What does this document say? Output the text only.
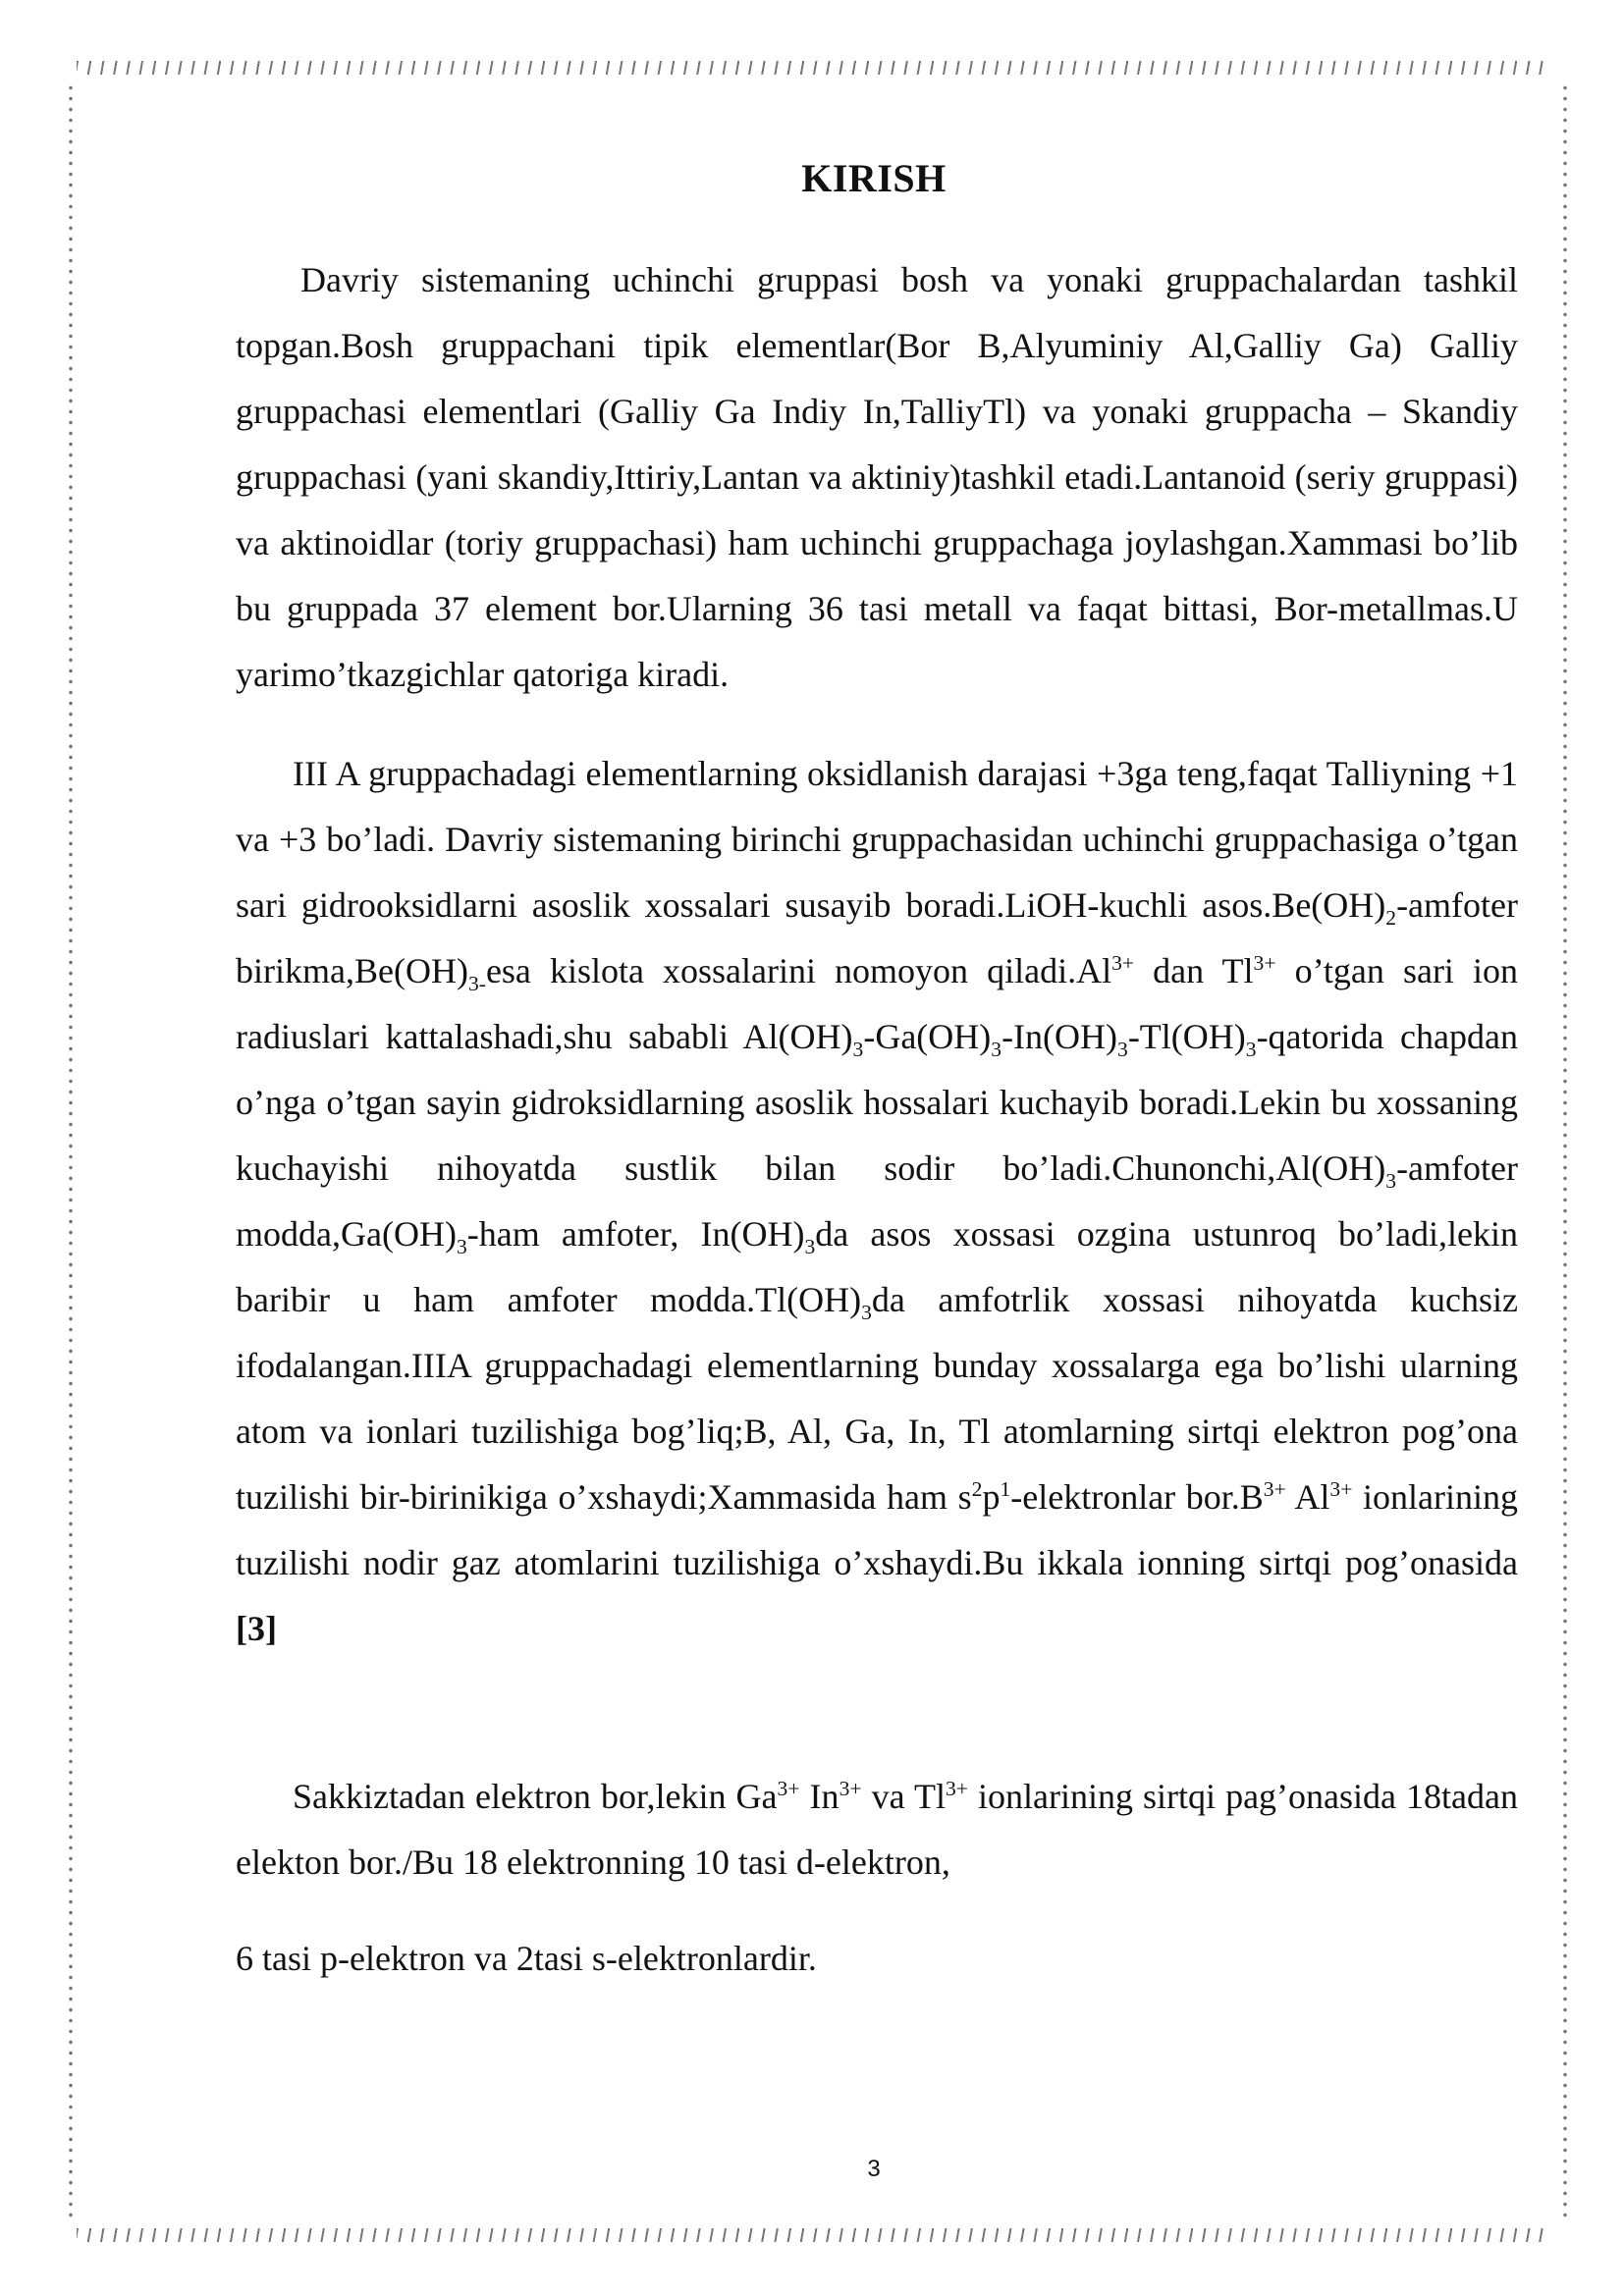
KIRISH

Davriy sistemaning uchinchi gruppasi bosh va yonaki gruppachalardan tashkil topgan.Bosh gruppachani tipik elementlar(Bor B,Alyuminiy Al,Galliy Ga) Galliy gruppachasi elementlari (Galliy Ga Indiy In,TalliyTl) va yonaki gruppacha – Skandiy gruppachasi (yani skandiy,Ittiriy,Lantan va aktiniy)tashkil etadi.Lantanoid (seriy gruppasi) va aktinoidlar (toriy gruppachasi) ham uchinchi gruppachaga joylashgan.Xammasi bo’lib bu gruppada 37 element bor.Ularning 36 tasi metall va faqat bittasi, Bor-metallmas.U yarimo’tkazgichlar qatoriga kiradi.

III A gruppachadagi elementlarning oksidlanish darajasi +3ga teng,faqat Talliyning +1 va +3 bo’ladi. Davriy sistemaning birinchi gruppachasidan uchinchi gruppachasiga o’tgan sari gidrooksidlarni asoslik xossalari susayib boradi.LiOH-kuchli $asos.Be(OH)_2$-amfoter $birikma,Be(OH)_{3-}esa$ kislota xossalarini nomoyon $qiladi.Al^{3+}$ dan $Tl^{3+}$ o’tgan sari ion radiuslari kattalashadi,shu sababli $Al(OH)_3-Ga(OH)_3-In(OH)_3-Tl(OH)_3$-qatorida chapdan o’nga o’tgan sayin gidroksidlarning asoslik hossalari kuchayib boradi.Lekin bu xossaning kuchayishi nihoyatda sustlik bilan sodir $bo’ladi.Chunonchi,Al(OH)_3$-amfoter $modda,Ga(OH)_3$-ham amfoter, $In(OH)_3da$ asos xossasi ozgina ustunroq bo’ladi,lekin baribir u ham amfoter $modda.Tl(OH)_3da$ amfotrlik xossasi nihoyatda kuchsiz ifodalangan.IIIA gruppachadagi elementlarning bunday xossalarga ega bo’lishi ularning atom va ionlari tuzilishiga bog’liq;B, Al, Ga, In, Tl atomlarning sirtqi elektron pog’ona tuzilishi bir-birinikiga o’xshaydi;Xammasida ham $s^2p^1$-elektronlar $bor.B^{3+}$ $Al^{3+}$ ionlarining tuzilishi nodir gaz atomlarini tuzilishiga o’xshaydi.Bu ikkala ionning sirtqi pog’onasida [3]

Sakkiztadan elektron bor,lekin $Ga^{3+}$ $In^{3+}$ va $Tl^{3+}$ ionlarining sirtqi pag’onasida 18tadan elekton bor./Bu 18 elektronning 10 tasi d-elektron,

6 tasi p-elektron va 2tasi s-elektronlardir.

3
